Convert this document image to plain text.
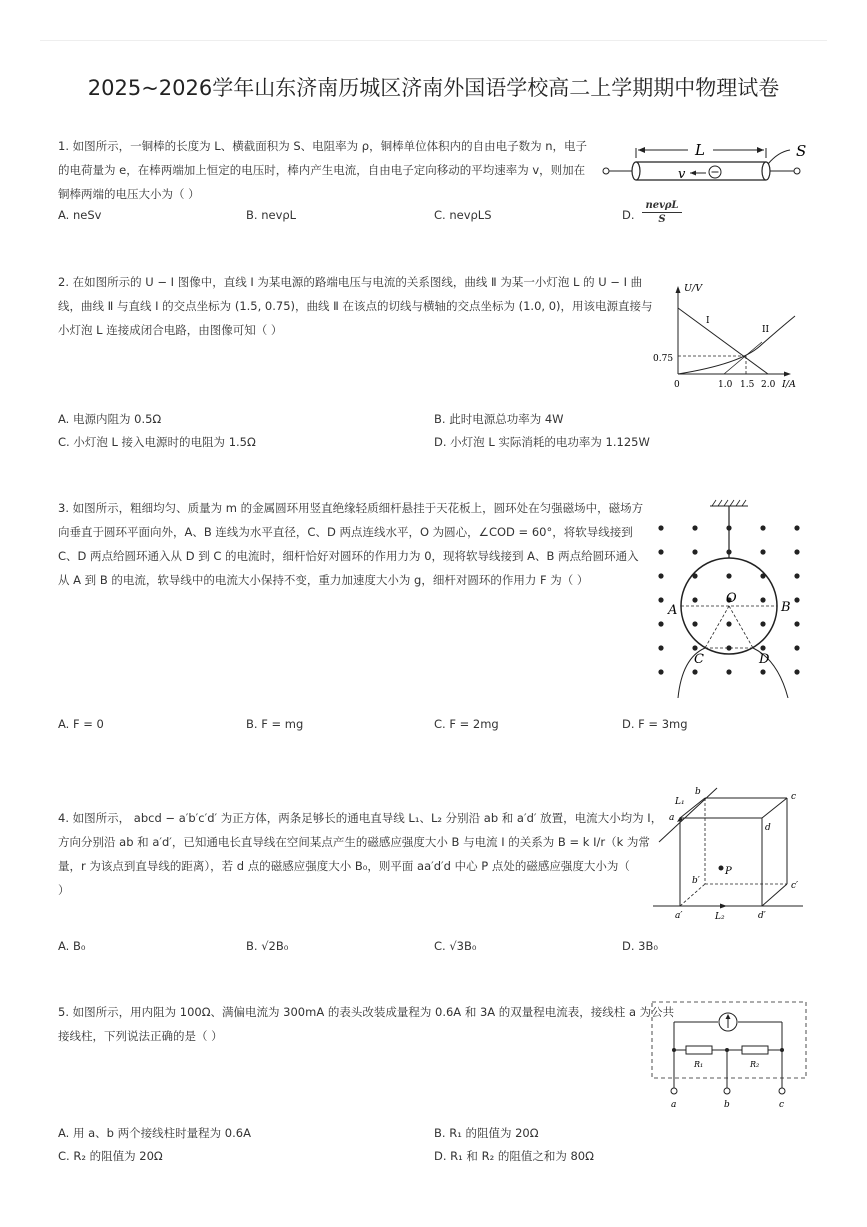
2025~2026学年山东济南历城区济南外国语学校高二上学期期中物理试卷
1. 如图所示，一铜棒的长度为 L、横截面积为 S、电阻率为 ρ，铜棒单位体积内的自由电子数为 n，电子
的电荷量为 e，在棒两端加上恒定的电压时，棒内产生电流，自由电子定向移动的平均速率为 v，则加在
铜棒两端的电压大小为（ ）
L	S
v
A. neSv	B. nevρL	C. nevρLS	D.
nevρL
S
2. 在如图所示的 U − I 图像中，直线 Ⅰ 为某电源的路端电压与电流的关系图线，曲线 Ⅱ 为某一小灯泡 L 的 U − I 曲
线，曲线 Ⅱ 与直线 Ⅰ 的交点坐标为 (1.5, 0.75)，曲线 Ⅱ 在该点的切线与横轴的交点坐标为 (1.0, 0)，用该电源直接与
小灯泡 L 连接成闭合电路，由图像可知（ ）
U/V
I/A
0
0.75
1.0 1.5 2.0
I
II
A. 电源内阻为 0.5Ω	B. 此时电源总功率为 4W
C. 小灯泡 L 接入电源时的电阻为 1.5Ω	D. 小灯泡 L 实际消耗的电功率为 1.125W
3. 如图所示，粗细均匀、质量为 m 的金属圆环用竖直绝缘轻质细杆悬挂于天花板上，圆环处在匀强磁场中，磁场方
向垂直于圆环平面向外，A、B 连线为水平直径，C、D 两点连线水平，O 为圆心，∠COD = 60°，将软导线接到
C、D 两点给圆环通入从 D 到 C 的电流时，细杆恰好对圆环的作用力为 0，现将软导线接到 A、B 两点给圆环通入
从 A 到 B 的电流，软导线中的电流大小保持不变，重力加速度大小为 g，细杆对圆环的作用力 F 为（ ）
A	B
C	D
O
A. F = 0	B. F = mg	C. F = 2mg	D. F = 3mg
4. 如图所示， abcd − a′b′c′d′ 为正方体，两条足够长的通电直导线 L₁、L₂ 分别沿 ab 和 a′d′ 放置，电流大小均为 I，
方向分别沿 ab 和 a′d′，已知通电长直导线在空间某点产生的磁感应强度大小 B 与电流 I 的关系为 B = k I/r（k 为常
量，r 为该点到直导线的距离），若 d 点的磁感应强度大小 B₀，则平面 aa′d′d 中心 P 点处的磁感应强度大小为（
）
b	c
d
a
b′	c′
a′	d′
P
L₁
L₂
A. B₀	B. √2B₀	C. √3B₀	D. 3B₀
5. 如图所示，用内阻为 100Ω、满偏电流为 300mA 的表头改装成量程为 0.6A 和 3A 的双量程电流表，接线柱 a 为公共
接线柱，下列说法正确的是（ ）
R₁	R₂
a	b	c
A. 用 a、b 两个接线柱时量程为 0.6A	B. R₁ 的阻值为 20Ω
C. R₂ 的阻值为 20Ω	D. R₁ 和 R₂ 的阻值之和为 80Ω
